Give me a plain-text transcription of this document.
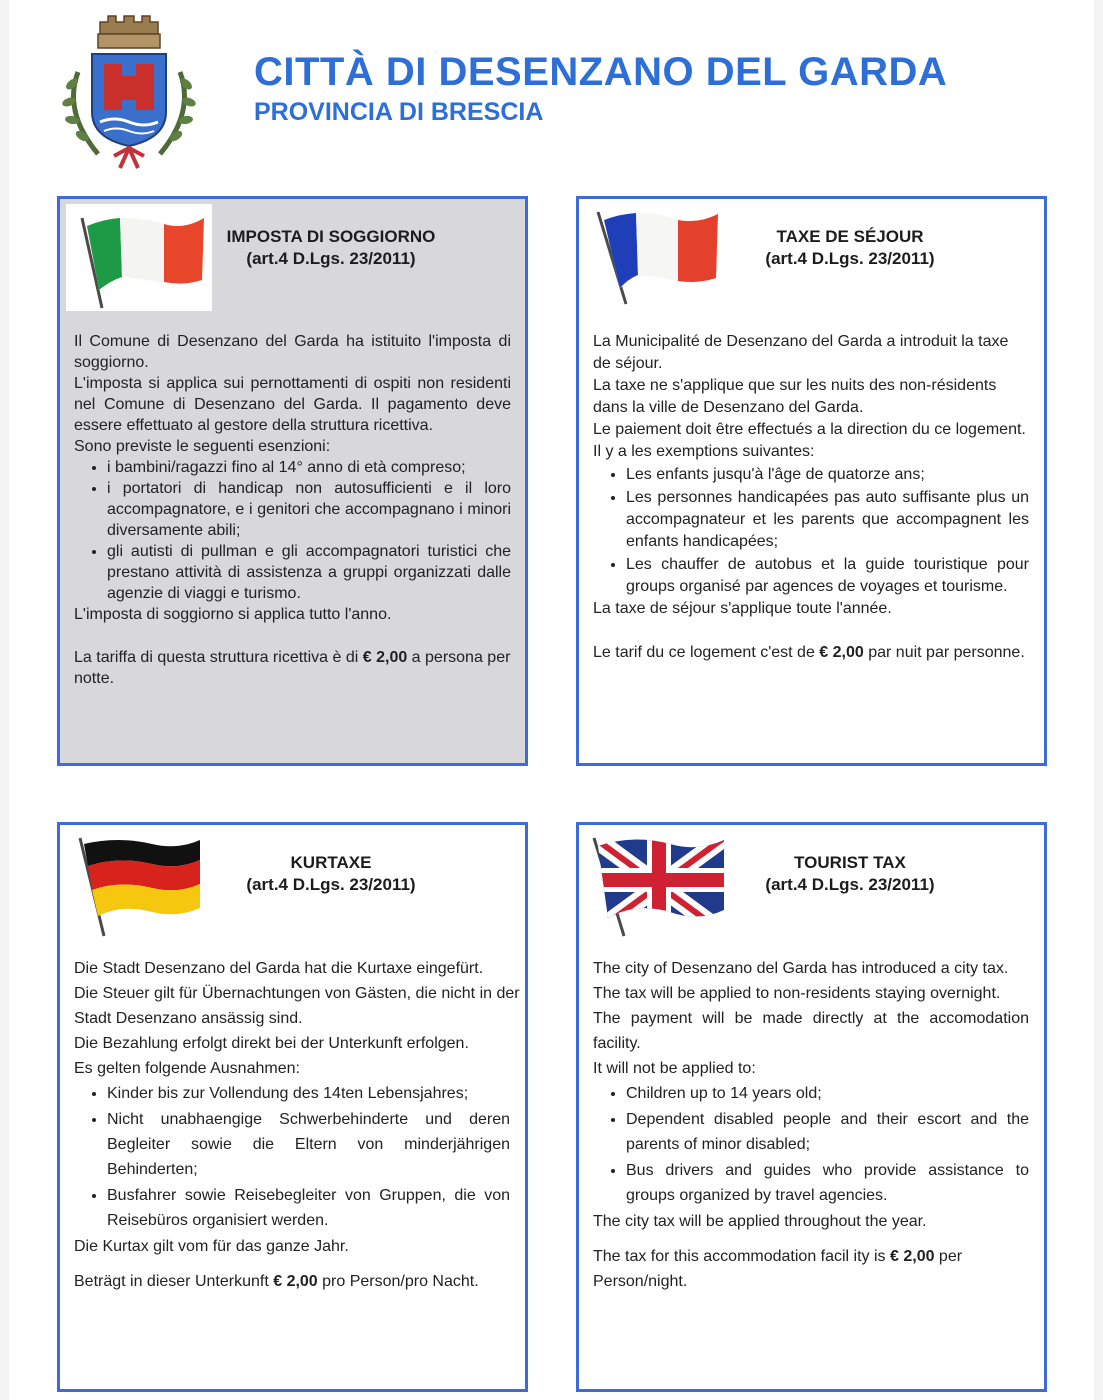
CITTÀ DI DESENZANO DEL GARDA
PROVINCIA DI BRESCIA
IMPOSTA DI SOGGIORNO
(art.4 D.Lgs. 23/2011)

Il Comune di Desenzano del Garda ha istituito l'imposta di soggiorno.

L'imposta si applica sui pernottamenti di ospiti non residenti nel Comune di Desenzano del Garda. Il pagamento deve essere effettuato al gestore della struttura ricettiva.

Sono previste le seguenti esenzioni:

• i bambini/ragazzi fino al 14° anno di età compreso;
• i portatori di handicap non autosufficienti e il loro accompagnatore, e i genitori che accompagnano i minori diversamente abili;
• gli autisti di pullman e gli accompagnatori turistici che prestano attività di assistenza a gruppi organizzati dalle agenzie di viaggi e turismo.

L'imposta di soggiorno si applica tutto l'anno.

La tariffa di questa struttura ricettiva è di € 2,00 a persona per notte.

TAXE DE SÉJOUR
(art.4 D.Lgs. 23/2011)

La Municipalité de Desenzano del Garda a introduit la taxe de séjour.

La taxe ne s'applique que sur les nuits des non-résidents dans la ville de Desenzano del Garda.

Le paiement doit être effectués a la direction du ce logement.

Il y a les exemptions suivantes:

• Les enfants jusqu'à l'âge de quatorze ans;
• Les personnes handicapées pas auto suffisante plus un accompagnateur et les parents que accompagnent les enfants handicapées;
• Les chauffer de autobus et la guide touristique pour groups organisé par agences de voyages et tourisme.

La taxe de séjour s'applique toute l'année.

Le tarif du ce logement c'est de € 2,00 par nuit par personne.

KURTAXE
(art.4 D.Lgs. 23/2011)

Die Stadt Desenzano del Garda hat die Kurtaxe eingefürt.

Die Steuer gilt für Übernachtungen von Gästen, die nicht in der Stadt Desenzano ansässig sind.

Die Bezahlung erfolgt direkt bei der Unterkunft erfolgen.

Es gelten folgende Ausnahmen:

• Kinder bis zur Vollendung des 14ten Lebensjahres;
• Nicht unabhaengige Schwerbehinderte und deren Begleiter sowie die Eltern von minderjährigen Behinderten;
• Busfahrer sowie Reisebegleiter von Gruppen, die von Reisebüros organisiert werden.

Die Kurtax gilt vom für das ganze Jahr.

Beträgt in dieser Unterkunft € 2,00 pro Person/pro Nacht.

TOURIST TAX
(art.4 D.Lgs. 23/2011)

The city of Desenzano del Garda has introduced a city tax.

The tax will be applied to non-residents staying overnight.

The payment will be made directly at the accomodation facility.

It will not be applied to:

• Children up to 14 years old;
• Dependent disabled people and their escort and the parents of minor disabled;
• Bus drivers and guides who provide assistance to groups organized by travel agencies.

The city tax will be applied throughout the year.

The tax for this accommodation facil ity is € 2,00 per Person/night.
